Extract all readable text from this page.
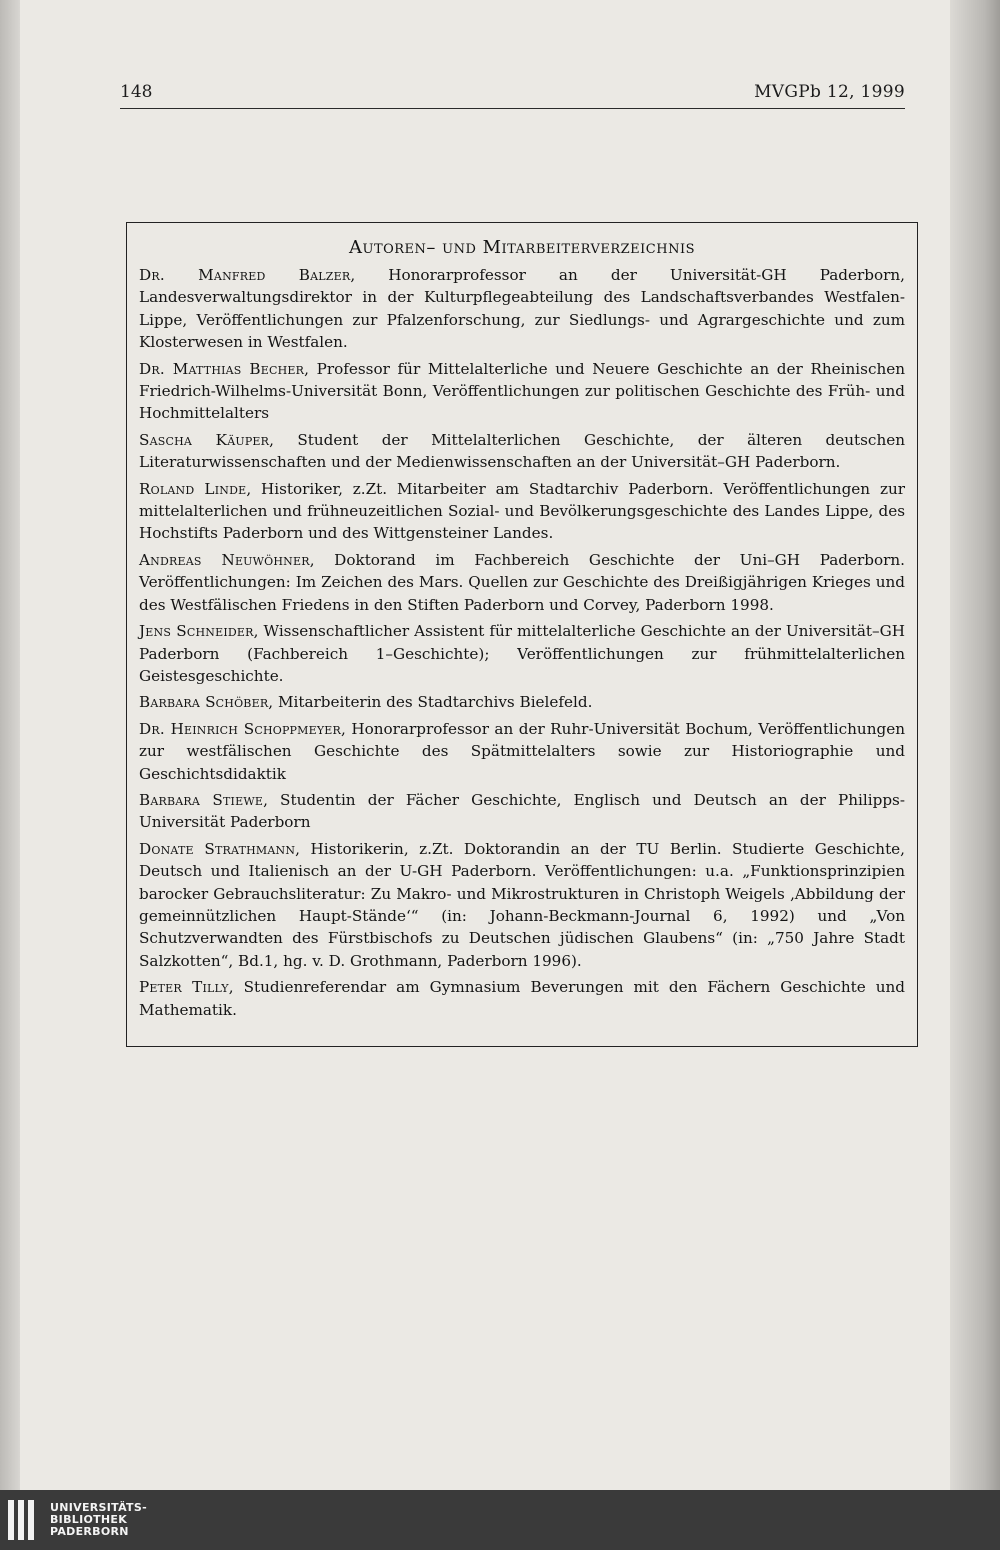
148	MVGPb 12, 1999
Autoren– und Mitarbeiterverzeichnis

Dr. Manfred Balzer, Honorarprofessor an der Universität-GH Paderborn, Landesverwaltungsdirektor in der Kulturpflegeabteilung des Landschaftsverbandes Westfalen-Lippe, Veröffentlichungen zur Pfalzenforschung, zur Siedlungs- und Agrargeschichte und zum Klosterwesen in Westfalen.

Dr. Matthias Becher, Professor für Mittelalterliche und Neuere Geschichte an der Rheinischen Friedrich-Wilhelms-Universität Bonn, Veröffentlichungen zur politischen Geschichte des Früh- und Hochmittelalters

Sascha Käuper, Student der Mittelalterlichen Geschichte, der älteren deutschen Literaturwissenschaften und der Medienwissenschaften an der Universität–GH Paderborn.

Roland Linde, Historiker, z.Zt. Mitarbeiter am Stadtarchiv Paderborn. Veröffentlichungen zur mittelalterlichen und frühneuzeitlichen Sozial- und Bevölkerungsgeschichte des Landes Lippe, des Hochstifts Paderborn und des Wittgensteiner Landes.

Andreas Neuwöhner, Doktorand im Fachbereich Geschichte der Uni–GH Paderborn. Veröffentlichungen: Im Zeichen des Mars. Quellen zur Geschichte des Dreißigjährigen Krieges und des Westfälischen Friedens in den Stiften Paderborn und Corvey, Paderborn 1998.

Jens Schneider, Wissenschaftlicher Assistent für mittelalterliche Geschichte an der Universität–GH Paderborn (Fachbereich 1–Geschichte); Veröffentlichungen zur frühmittelalterlichen Geistesgeschichte.

Barbara Schöber, Mitarbeiterin des Stadtarchivs Bielefeld.

Dr. Heinrich Schoppmeyer, Honorarprofessor an der Ruhr-Universität Bochum, Veröffentlichungen zur westfälischen Geschichte des Spätmittelalters sowie zur Historiographie und Geschichtsdidaktik

Barbara Stiewe, Studentin der Fächer Geschichte, Englisch und Deutsch an der Philipps-Universität Paderborn

Donate Strathmann, Historikerin, z.Zt. Doktorandin an der TU Berlin. Studierte Geschichte, Deutsch und Italienisch an der U-GH Paderborn. Veröffentlichungen: u.a. „Funktionsprinzipien barocker Gebrauchsliteratur: Zu Makro- und Mikrostrukturen in Christoph Weigels ‚Abbildung der gemeinnützlichen Haupt-Stände‘“ (in: Johann-Beckmann-Journal 6, 1992) und „Von Schutzverwandten des Fürstbischofs zu Deutschen jüdischen Glaubens“ (in: „750 Jahre Stadt Salzkotten“, Bd.1, hg. v. D. Grothmann, Paderborn 1996).

Peter Tilly, Studienreferendar am Gymnasium Beverungen mit den Fächern Geschichte und Mathematik.

UNIVERSITÄTS-
BIBLIOTHEK
PADERBORN
